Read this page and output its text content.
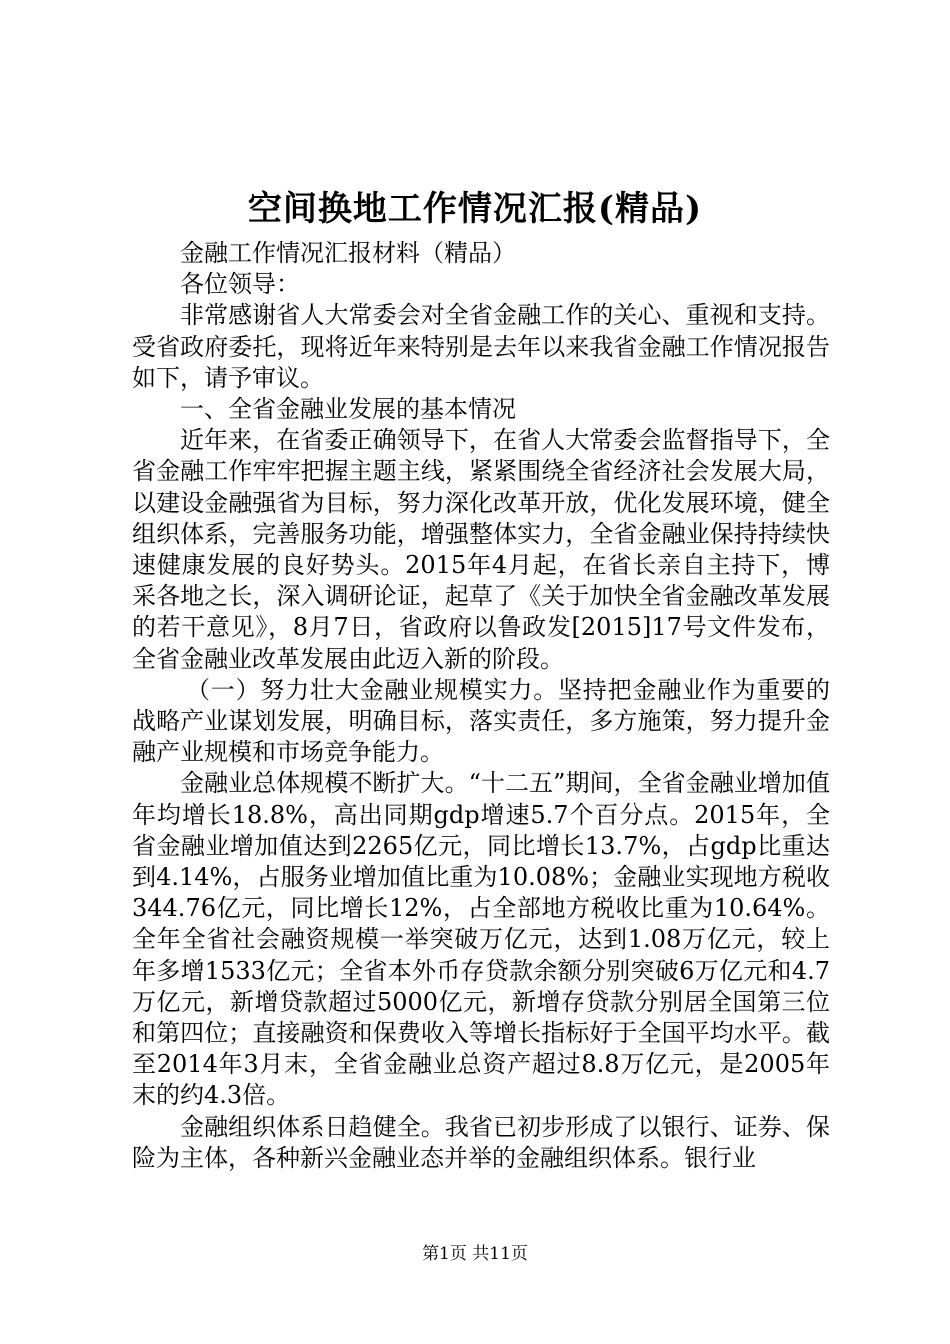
空间换地工作情况汇报(精品)

金融工作情况汇报材料（精品）

各位领导：

非常感谢省人大常委会对全省金融工作的关心、重视和支持。受省政府委托，现将近年来特别是去年以来我省金融工作情况报告如下，请予审议。

一、全省金融业发展的基本情况

近年来，在省委正确领导下，在省人大常委会监督指导下，全省金融工作牢牢把握主题主线，紧紧围绕全省经济社会发展大局，以建设金融强省为目标，努力深化改革开放，优化发展环境，健全组织体系，完善服务功能，增强整体实力，全省金融业保持持续快速健康发展的良好势头。2015年4月起，在省长亲自主持下，博采各地之长，深入调研论证，起草了《关于加快全省金融改革发展的若干意见》，8月7日，省政府以鲁政发[2015]17号文件发布，全省金融业改革发展由此迈入新的阶段。

（一）努力壮大金融业规模实力。坚持把金融业作为重要的战略产业谋划发展，明确目标，落实责任，多方施策，努力提升金融产业规模和市场竞争能力。

金融业总体规模不断扩大。“十二五”期间，全省金融业增加值年均增长18.8%，高出同期gdp增速5.7个百分点。2015年，全省金融业增加值达到2265亿元，同比增长13.7%，占gdp比重达到4.14%，占服务业增加值比重为10.08%；金融业实现地方税收344.76亿元，同比增长12%，占全部地方税收比重为10.64%。全年全省社会融资规模一举突破万亿元，达到1.08万亿元，较上年多增1533亿元；全省本外币存贷款余额分别突破6万亿元和4.7万亿元，新增贷款超过5000亿元，新增存贷款分别居全国第三位和第四位；直接融资和保费收入等增长指标好于全国平均水平。截至2014年3月末，全省金融业总资产超过8.8万亿元，是2005年末的约4.3倍。

金融组织体系日趋健全。我省已初步形成了以银行、证券、保险为主体，各种新兴金融业态并举的金融组织体系。银行业

第1页 共11页
